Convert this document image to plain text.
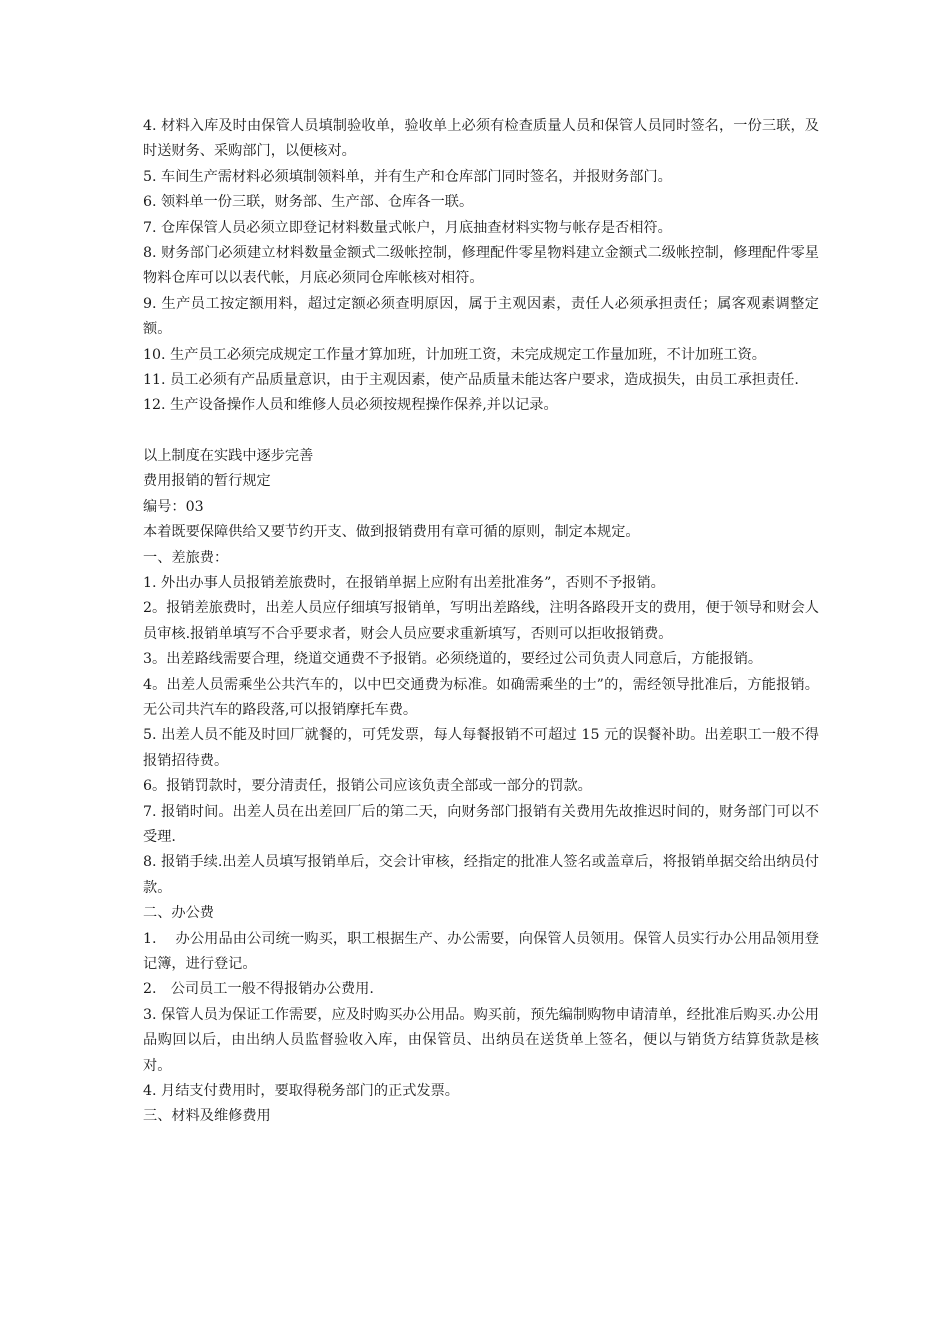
4. 材料入库及时由保管人员填制验收单，验收单上必须有检查质量人员和保管人员同时签名，一份三联，及时送财务、采购部门，以便核对。

5. 车间生产需材料必须填制领料单，并有生产和仓库部门同时签名，并报财务部门。

6. 领料单一份三联，财务部、生产部、仓库各一联。

7. 仓库保管人员必须立即登记材料数量式帐户，月底抽查材料实物与帐存是否相符。

8. 财务部门必须建立材料数量金额式二级帐控制，修理配件零星物料建立金额式二级帐控制，修理配件零星物料仓库可以以表代帐，月底必须同仓库帐核对相符。

9. 生产员工按定额用料，超过定额必须查明原因，属于主观因素，责任人必须承担责任；属客观素调整定额。

10. 生产员工必须完成规定工作量才算加班，计加班工资，未完成规定工作量加班，不计加班工资。

11. 员工必须有产品质量意识，由于主观因素，使产品质量未能达客户要求，造成损失，由员工承担责任.

12. 生产设备操作人员和维修人员必须按规程操作保养,并以记录。

以上制度在实践中逐步完善

费用报销的暂行规定

编号：03

本着既要保障供给又要节约开支、做到报销费用有章可循的原则，制定本规定。

一、差旅费：

1. 外出办事人员报销差旅费时，在报销单据上应附有出差批准务”，否则不予报销。

2。报销差旅费时，出差人员应仔细填写报销单，写明出差路线，注明各路段开支的费用，便于领导和财会人员审核.报销单填写不合乎要求者，财会人员应要求重新填写，否则可以拒收报销费。

3。出差路线需要合理，绕道交通费不予报销。必须绕道的，要经过公司负责人同意后，方能报销。

4。出差人员需乘坐公共汽车的，以中巴交通费为标准。如确需乘坐的士”的，需经领导批准后，方能报销。无公司共汽车的路段落,可以报销摩托车费。

5. 出差人员不能及时回厂就餐的，可凭发票，每人每餐报销不可超过 15 元的误餐补助。出差职工一般不得报销招待费。

6。报销罚款时，要分清责任，报销公司应该负责全部或一部分的罚款。

7. 报销时间。出差人员在出差回厂后的第二天，向财务部门报销有关费用先故推迟时间的，财务部门可以不受理.

8. 报销手续.出差人员填写报销单后，交会计审核，经指定的批准人签名或盖章后，将报销单据交给出纳员付款。

二、办公费

1.　 办公用品由公司统一购买，职工根据生产、办公需要，向保管人员领用。保管人员实行办公用品领用登记簿，进行登记。

2.　公司员工一般不得报销办公费用.

3. 保管人员为保证工作需要，应及时购买办公用品。购买前，预先编制购物申请清单，经批准后购买.办公用品购回以后，由出纳人员监督验收入库，由保管员、出纳员在送货单上签名，便以与销货方结算货款是核对。

4. 月结支付费用时，要取得税务部门的正式发票。

三、材料及维修费用
